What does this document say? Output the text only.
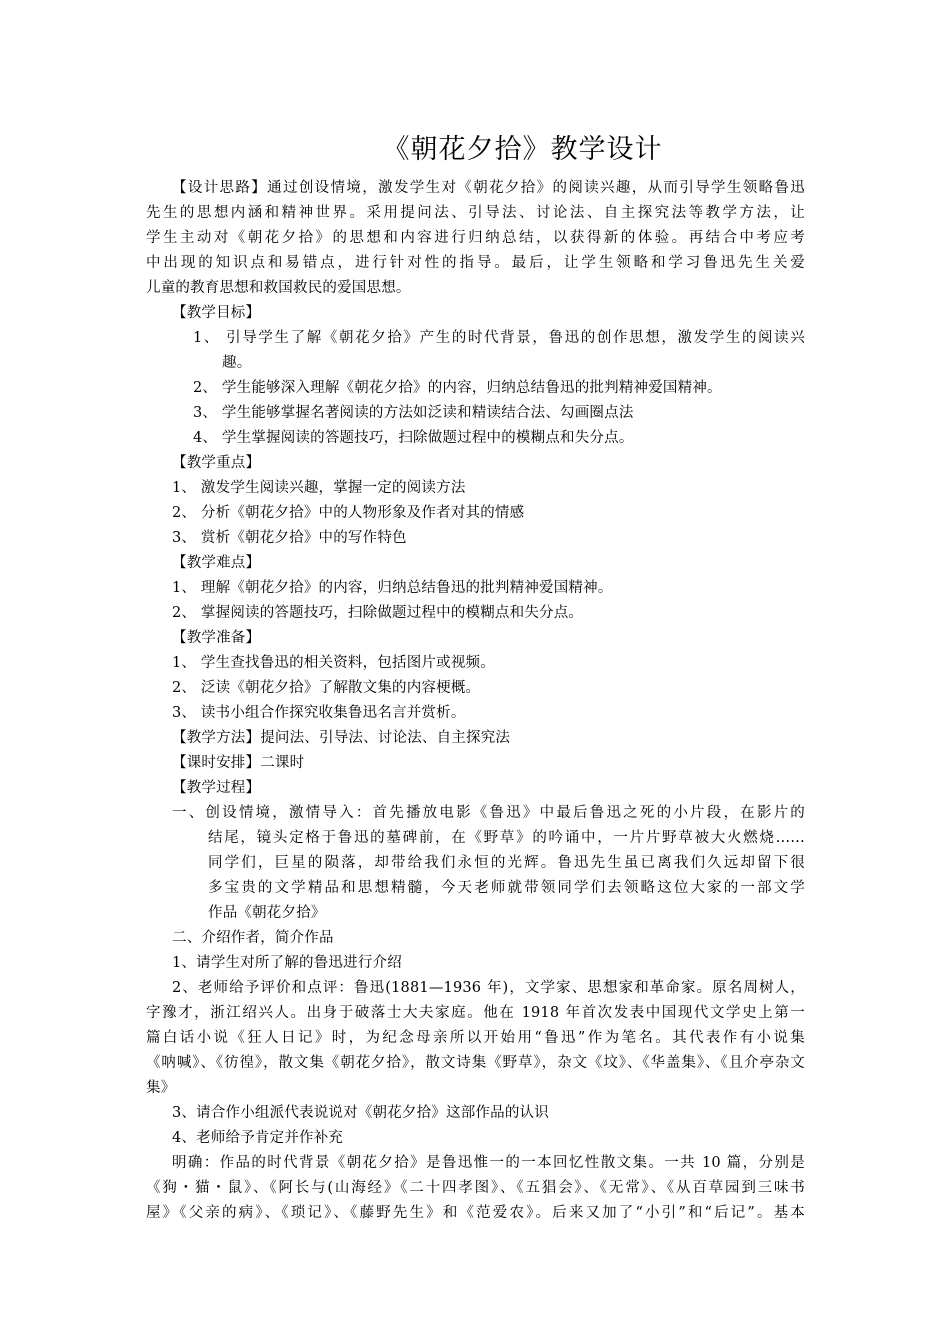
《朝花夕拾》教学设计
【设计思路】通过创设情境，激发学生对《朝花夕拾》的阅读兴趣，从而引导学生领略鲁迅
先生的思想内涵和精神世界。采用提问法、引导法、讨论法、自主探究法等教学方法，让
学生主动对《朝花夕拾》的思想和内容进行归纳总结，以获得新的体验。再结合中考应考
中出现的知识点和易错点，进行针对性的指导。最后，让学生领略和学习鲁迅先生关爱
儿童的教育思想和救国救民的爱国思想。
【教学目标】
1、 引导学生了解《朝花夕拾》产生的时代背景，鲁迅的创作思想，激发学生的阅读兴
趣。
2、 学生能够深入理解《朝花夕拾》的内容，归纳总结鲁迅的批判精神爱国精神。
3、 学生能够掌握名著阅读的方法如泛读和精读结合法、勾画圈点法
4、 学生掌握阅读的答题技巧，扫除做题过程中的模糊点和失分点。
【教学重点】
1、 激发学生阅读兴趣，掌握一定的阅读方法
2、 分析《朝花夕拾》中的人物形象及作者对其的情感
3、 赏析《朝花夕拾》中的写作特色
【教学难点】
1、 理解《朝花夕拾》的内容，归纳总结鲁迅的批判精神爱国精神。
2、 掌握阅读的答题技巧，扫除做题过程中的模糊点和失分点。
【教学准备】
1、 学生查找鲁迅的相关资料，包括图片或视频。
2、 泛读《朝花夕拾》了解散文集的内容梗概。
3、 读书小组合作探究收集鲁迅名言并赏析。
【教学方法】提问法、引导法、讨论法、自主探究法
【课时安排】二课时
【教学过程】
一、创设情境，激情导入：首先播放电影《鲁迅》中最后鲁迅之死的小片段，在影片的
结尾，镜头定格于鲁迅的墓碑前，在《野草》的吟诵中，一片片野草被大火燃烧……
同学们，巨星的陨落，却带给我们永恒的光辉。鲁迅先生虽已离我们久远却留下很
多宝贵的文学精品和思想精髓，今天老师就带领同学们去领略这位大家的一部文学
作品《朝花夕拾》
二、介绍作者，简介作品
1、请学生对所了解的鲁迅进行介绍
2、老师给予评价和点评：鲁迅(1881—1936 年)，文学家、思想家和革命家。原名周树人，
字豫才，浙江绍兴人。出身于破落士大夫家庭。他在 1918 年首次发表中国现代文学史上第一
篇白话小说《狂人日记》时，为纪念母亲所以开始用“鲁迅”作为笔名。其代表作有小说集
《呐喊》、《彷徨》，散文集《朝花夕拾》，散文诗集《野草》，杂文《坟》、《华盖集》、《且介亭杂文
集》
3、请合作小组派代表说说对《朝花夕拾》这部作品的认识
4、老师给予肯定并作补充
明确：作品的时代背景《朝花夕拾》是鲁迅惟一的一本回忆性散文集。一共 10 篇，分别是
《狗・猫・鼠》、《阿长与(山海经》《二十四孝图》、《五猖会》、《无常》、《从百草园到三味书
屋》《父亲的病》、《琐记》、《藤野先生》和《范爱农》。后来又加了“小引”和“后记”。基本
